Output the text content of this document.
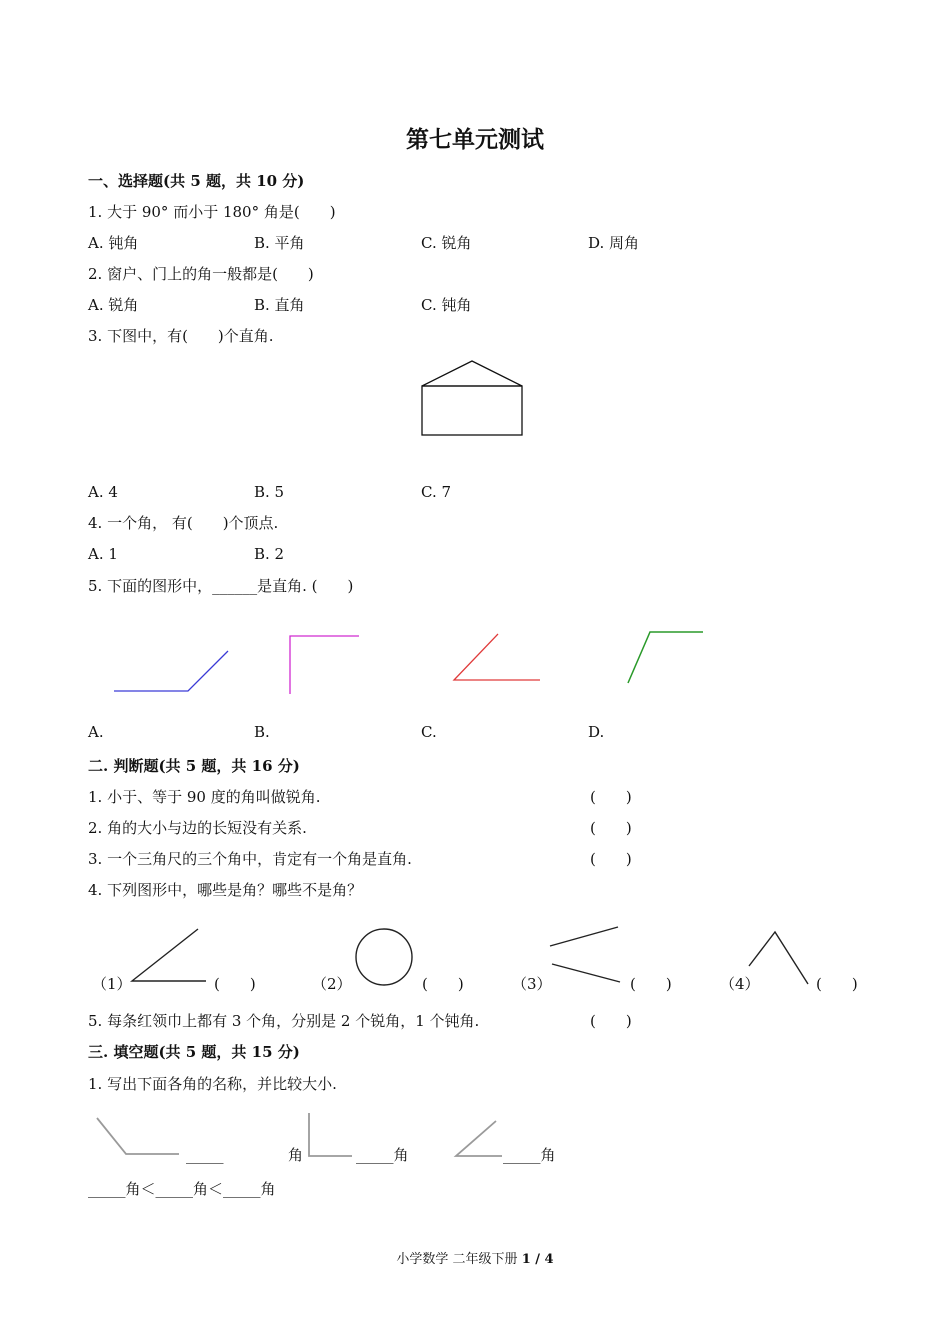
第七单元测试
一、选择题(共 5 题，共 10 分)
1. 大于 90° 而小于 180° 角是(　　)
A. 钝角	B. 平角	C. 锐角	D. 周角
2. 窗户、门上的角一般都是(　　)
A. 锐角	B. 直角	C. 钝角
3. 下图中，有(　　)个直角.
A. 4	B. 5	C. 7
4. 一个角， 有(　　)个顶点.
A. 1	B. 2
5. 下面的图形中，______是直角. (　　)
A.	B.	C.	D.
二. 判断题(共 5 题，共 16 分)
1. 小于、等于 90 度的角叫做锐角.	(　　)
2. 角的大小与边的长短没有关系.	(　　)
3. 一个三角尺的三个角中，肯定有一个角是直角.	(　　)
4. 下列图形中，哪些是角？哪些不是角？
（1）	(　　)	（2）	(　　)	（3）	(　　)	（4）	(　　)
5. 每条红领巾上都有 3 个角，分别是 2 个锐角，1 个钝角.	(　　)
三. 填空题(共 5 题，共 15 分)
1. 写出下面各角的名称，并比较大小.
_____	角	_____角	_____角
_____角＜_____角＜_____角
小学数学 二年级下册 1 / 4
